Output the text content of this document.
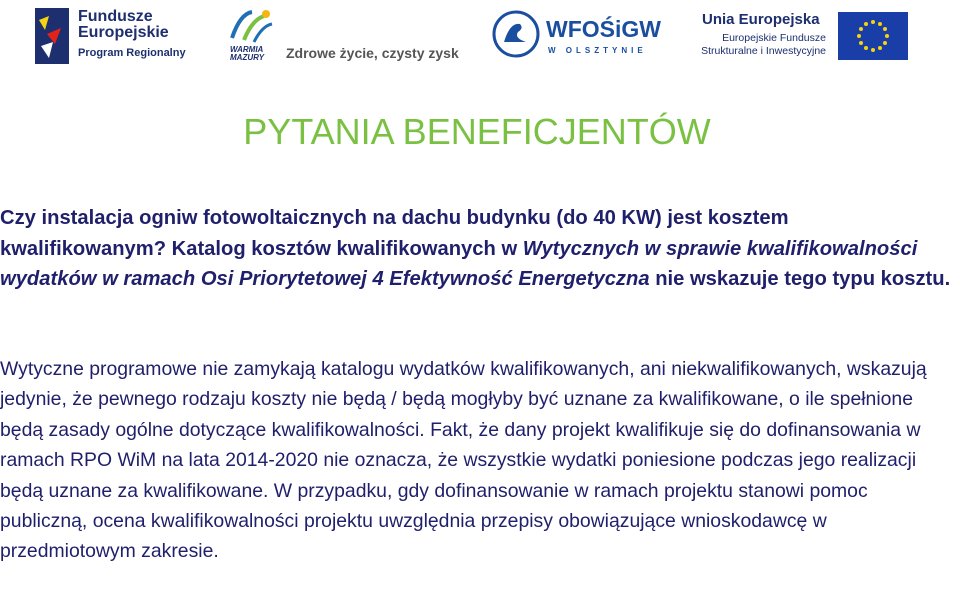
Fundusze
Europejskie
Program Regionalny	WARMIA
MAZURY Zdrowe życie, czysty zysk
WFOŚiGW
W OLSZTYNIE
Unia Europejska
Europejskie Fundusze
Strukturalne i Inwestycyjne
PYTANIA BENEFICJENTÓW

Czy instalacja ogniw fotowoltaicznych na dachu budynku (do 40 KW) jest kosztem kwalifikowanym? Katalog kosztów kwalifikowanych w Wytycznych w sprawie kwalifikowalności wydatków w ramach Osi Priorytetowej 4 Efektywność Energetyczna nie wskazuje tego typu kosztu.

Wytyczne programowe nie zamykają katalogu wydatków kwalifikowanych, ani niekwalifikowanych, wskazują jedynie, że pewnego rodzaju koszty nie będą / będą mogłyby być uznane za kwalifikowane, o ile spełnione będą zasady ogólne dotyczące kwalifikowalności. Fakt, że dany projekt kwalifikuje się do dofinansowania w ramach RPO WiM na lata 2014-2020 nie oznacza, że wszystkie wydatki poniesione podczas jego realizacji będą uznane za kwalifikowane. W przypadku, gdy dofinansowanie w ramach projektu stanowi pomoc publiczną, ocena kwalifikowalności projektu uwzględnia przepisy obowiązujące wnioskodawcę w przedmiotowym zakresie.
